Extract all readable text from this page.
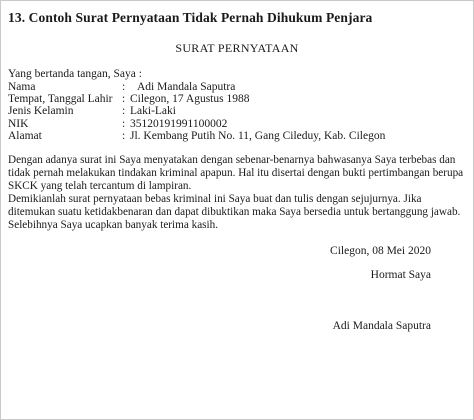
13. Contoh Surat Pernyataan Tidak Pernah Dihukum Penjara
SURAT PERNYATAAN
Yang bertanda tangan, Saya :
Nama	: Adi Mandala Saputra
Tempat, Tanggal Lahir : Cilegon, 17 Agustus 1988
Jenis Kelamin	: Laki-Laki
NIK	: 35120191991100002
Alamat	: Jl. Kembang Putih No. 11, Gang Cileduy, Kab. Cilegon
Dengan adanya surat ini Saya menyatakan dengan sebenar-benarnya bahwasanya Saya terbebas dan tidak pernah melakukan tindakan kriminal apapun. Hal itu disertai dengan bukti pertimbangan berupa SKCK yang telah tercantum di lampiran.
Demikianlah surat pernyataan bebas kriminal ini Saya buat dan tulis dengan sejujurnya. Jika ditemukan suatu ketidakbenaran dan dapat dibuktikan maka Saya bersedia untuk bertanggung jawab. Selebihnya Saya ucapkan banyak terima kasih.
Cilegon, 08 Mei 2020
Hormat Saya
Adi Mandala Saputra
